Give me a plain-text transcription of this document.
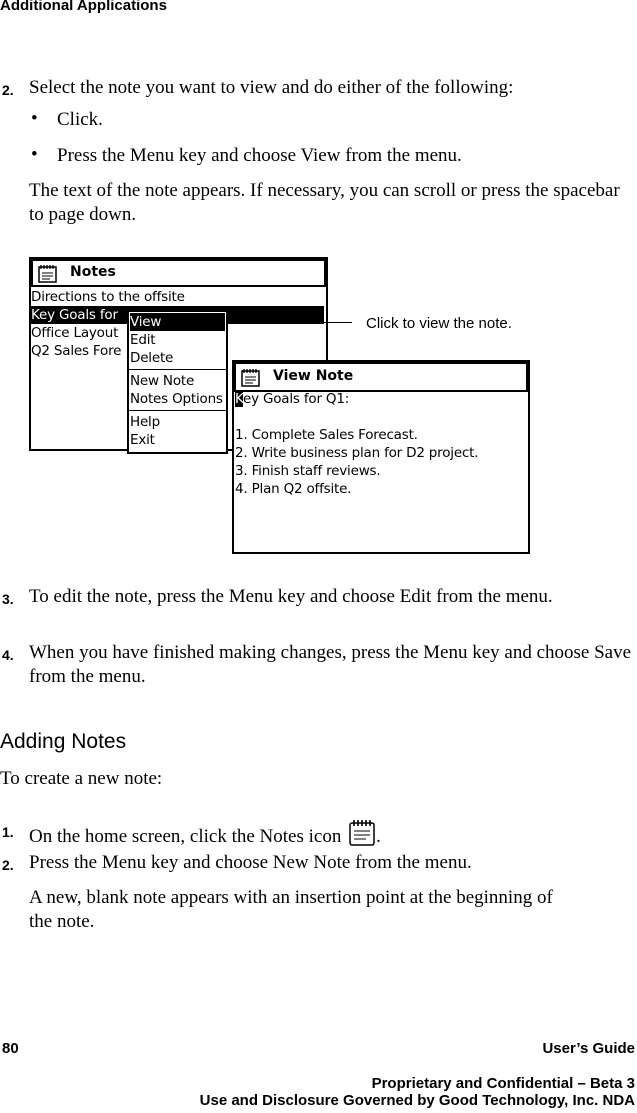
Additional Applications
2. Select the note you want to view and do either of the following:
• Click.
• Press the Menu key and choose View from the menu.
The text of the note appears. If necessary, you can scroll or press the spacebar to page down.
Notes
Directions to the offsite
Key Goals for
Office Layout
Q2 Sales Fore
View
Edit
Delete
New Note
Notes Options
Help
Exit
Click to view the note.
View Note
Key Goals for Q1:
1. Complete Sales Forecast.
2. Write business plan for D2 project.
3. Finish staff reviews.
4. Plan Q2 offsite.
3. To edit the note, press the Menu key and choose Edit from the menu.
4. When you have finished making changes, press the Menu key and choose Save from the menu.
Adding Notes
To create a new note:
1. On the home screen, click the Notes icon .
2. Press the Menu key and choose New Note from the menu.
A new, blank note appears with an insertion point at the beginning of the note.
80	User’s Guide
Proprietary and Confidential – Beta 3
Use and Disclosure Governed by Good Technology, Inc. NDA
